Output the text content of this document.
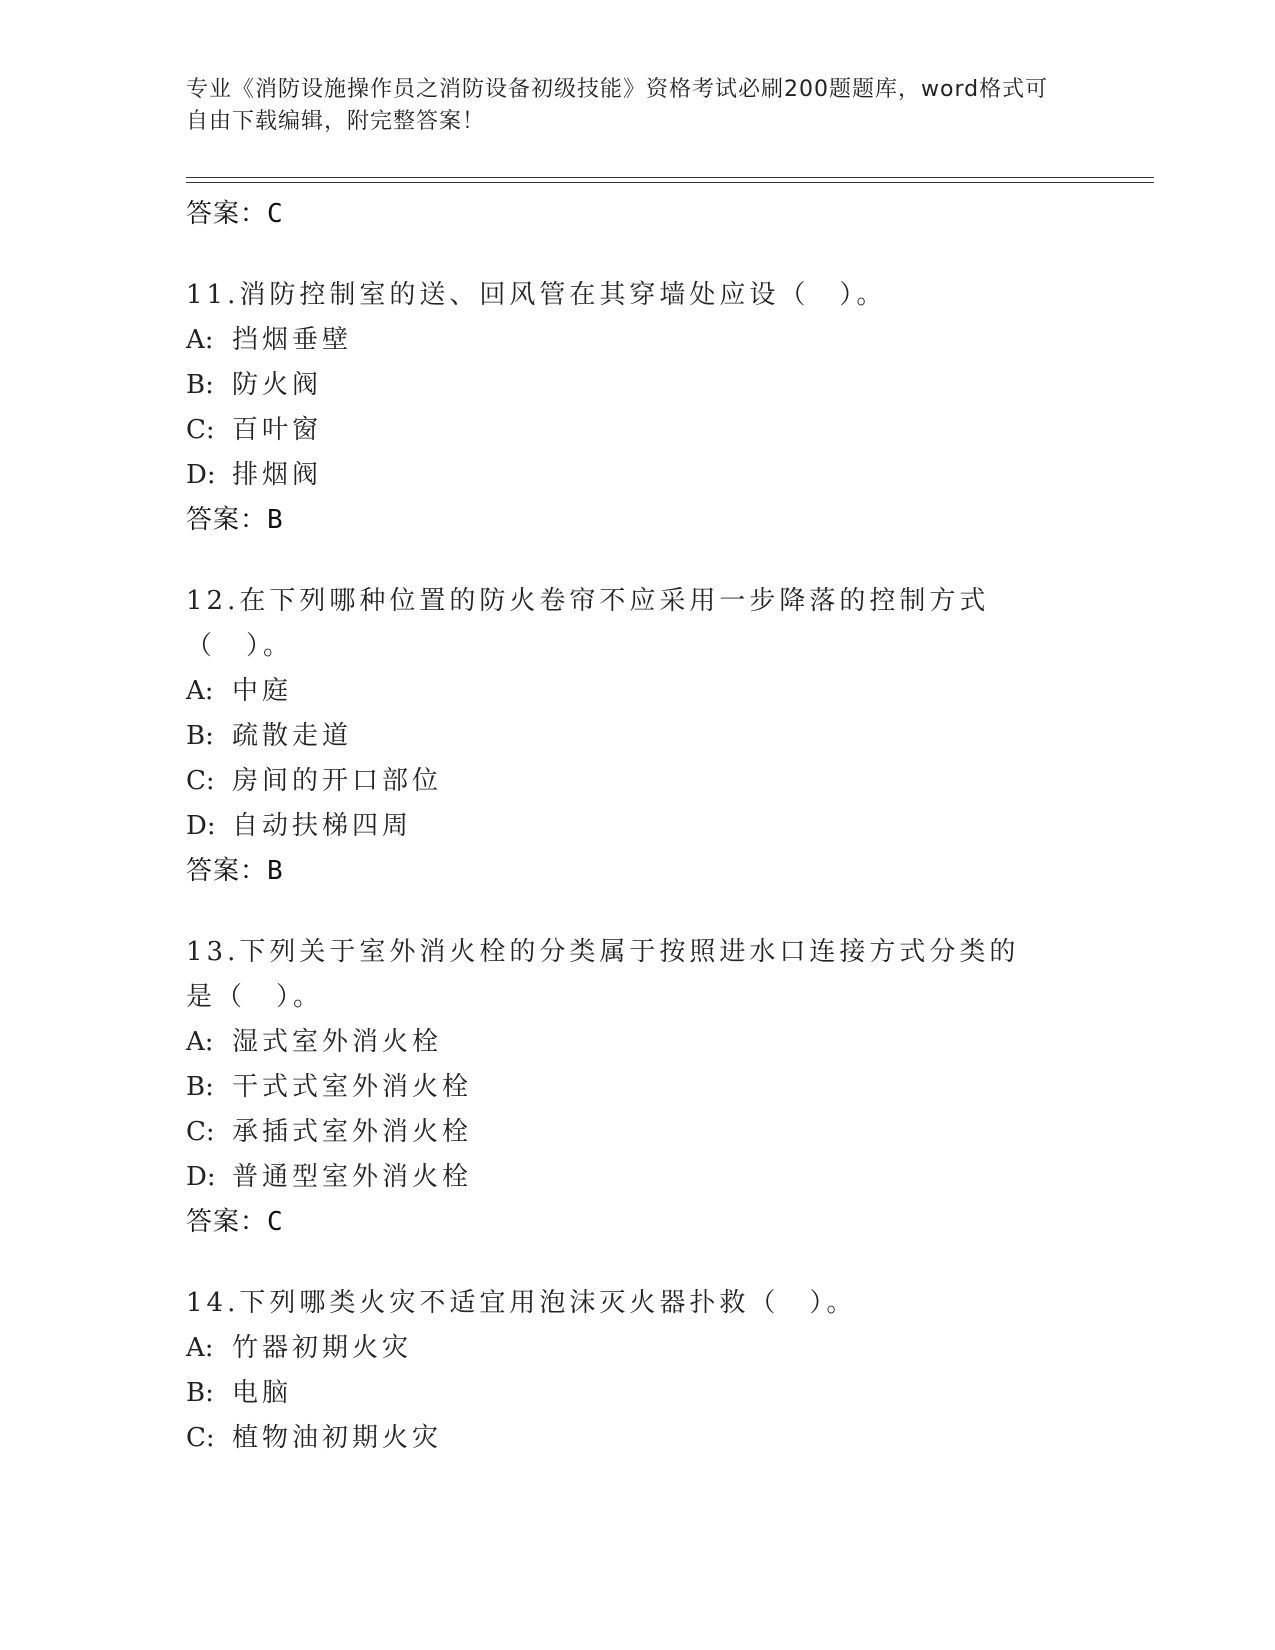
专业《消防设施操作员之消防设备初级技能》资格考试必刷200题题库，word格式可自由下载编辑，附完整答案！
答案：C
11.消防控制室的送、回风管在其穿墙处应设（　）。
A: 挡烟垂壁
B: 防火阀
C: 百叶窗
D: 排烟阀
答案：B
12.在下列哪种位置的防火卷帘不应采用一步降落的控制方式（　）。
A: 中庭
B: 疏散走道
C: 房间的开口部位
D: 自动扶梯四周
答案：B
13.下列关于室外消火栓的分类属于按照进水口连接方式分类的是（　）。
A: 湿式室外消火栓
B: 干式式室外消火栓
C: 承插式室外消火栓
D: 普通型室外消火栓
答案：C
14.下列哪类火灾不适宜用泡沫灭火器扑救（　）。
A: 竹器初期火灾
B: 电脑
C: 植物油初期火灾
